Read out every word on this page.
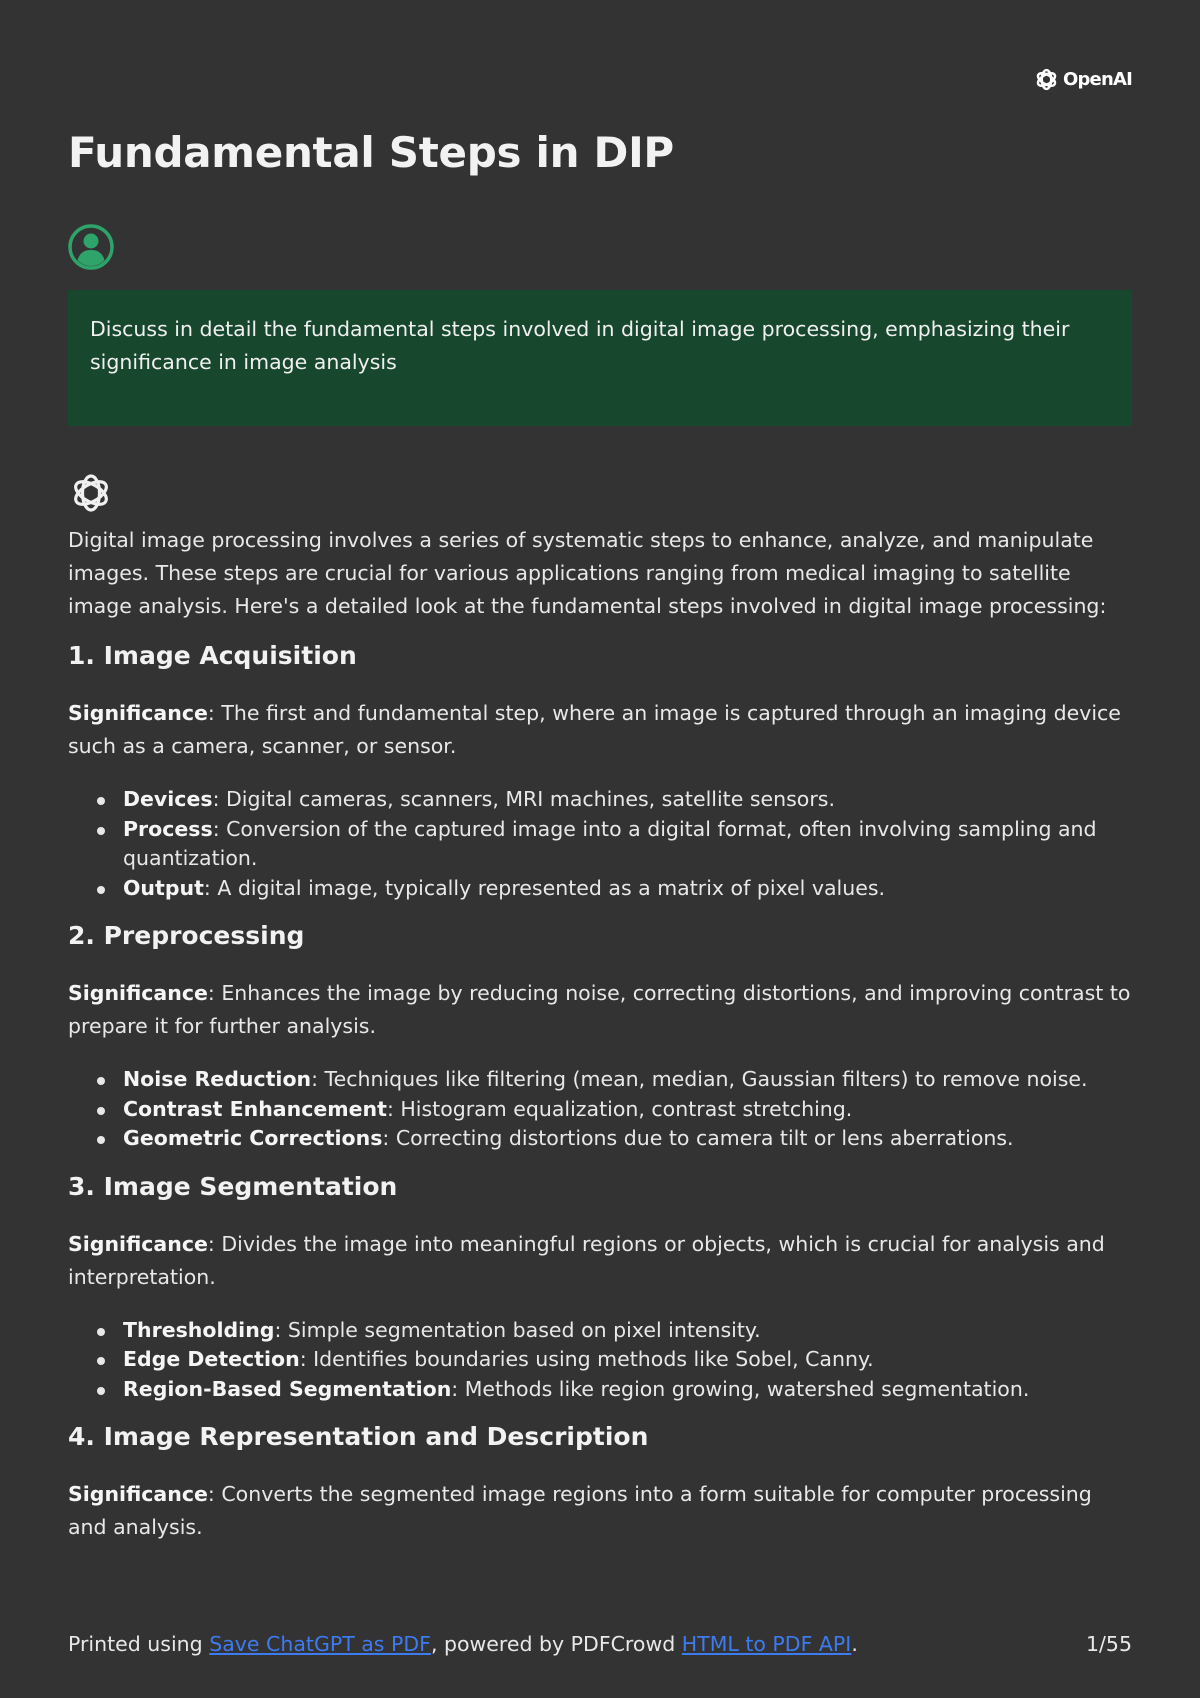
OpenAI
Fundamental Steps in DIP

Discuss in detail the fundamental steps involved in digital image processing, emphasizing their significance in image analysis

Digital image processing involves a series of systematic steps to enhance, analyze, and manipulate images. These steps are crucial for various applications ranging from medical imaging to satellite image analysis. Here's a detailed look at the fundamental steps involved in digital image processing:

1. Image Acquisition

Significance: The first and fundamental step, where an image is captured through an imaging device such as a camera, scanner, or sensor.

Devices: Digital cameras, scanners, MRI machines, satellite sensors.
Process: Conversion of the captured image into a digital format, often involving sampling and quantization.
Output: A digital image, typically represented as a matrix of pixel values.
2. Preprocessing

Significance: Enhances the image by reducing noise, correcting distortions, and improving contrast to prepare it for further analysis.

Noise Reduction: Techniques like filtering (mean, median, Gaussian filters) to remove noise.
Contrast Enhancement: Histogram equalization, contrast stretching.
Geometric Corrections: Correcting distortions due to camera tilt or lens aberrations.
3. Image Segmentation

Significance: Divides the image into meaningful regions or objects, which is crucial for analysis and interpretation.

Thresholding: Simple segmentation based on pixel intensity.
Edge Detection: Identifies boundaries using methods like Sobel, Canny.
Region-Based Segmentation: Methods like region growing, watershed segmentation.
4. Image Representation and Description

Significance: Converts the segmented image regions into a form suitable for computer processing and analysis.

Printed using Save ChatGPT as PDF, powered by PDFCrowd HTML to PDF API.	1/55
